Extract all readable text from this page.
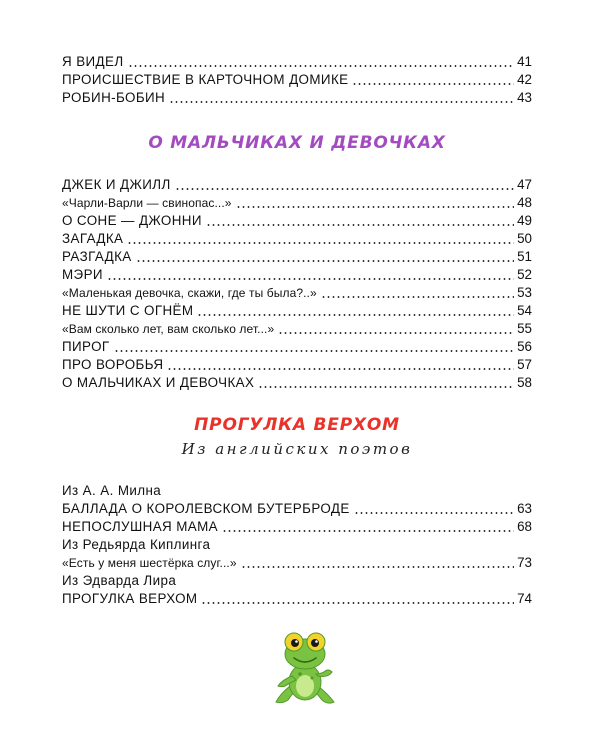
Я ВИДЕЛ	41
ПРОИСШЕСТВИЕ В КАРТОЧНОМ ДОМИКЕ	42
РОБИН-БОБИН	43
О МАЛЬЧИКАХ И ДЕВОЧКАХ
ДЖЕК И ДЖИЛЛ	47
«Чарли-Варли — свинопас...»	48
О СОНЕ — ДЖОННИ	49
ЗАГАДКА	50
РАЗГАДКА	51
МЭРИ	52
«Маленькая девочка, скажи, где ты была?..»	53
НЕ ШУТИ С ОГНЁМ	54
«Вам сколько лет, вам сколько лет...»	55
ПИРОГ	56
ПРО ВОРОБЬЯ	57
О МАЛЬЧИКАХ И ДЕВОЧКАХ	58
ПРОГУЛКА ВЕРХОМ
Из английских поэтов
Из А. А. Милна
БАЛЛАДА О КОРОЛЕВСКОМ БУТЕРБРОДЕ	63
НЕПОСЛУШНАЯ МАМА	68
Из Редьярда Киплинга
«Есть у меня шестёрка слуг...»	73
Из Эдварда Лира
ПРОГУЛКА ВЕРХОМ	74
